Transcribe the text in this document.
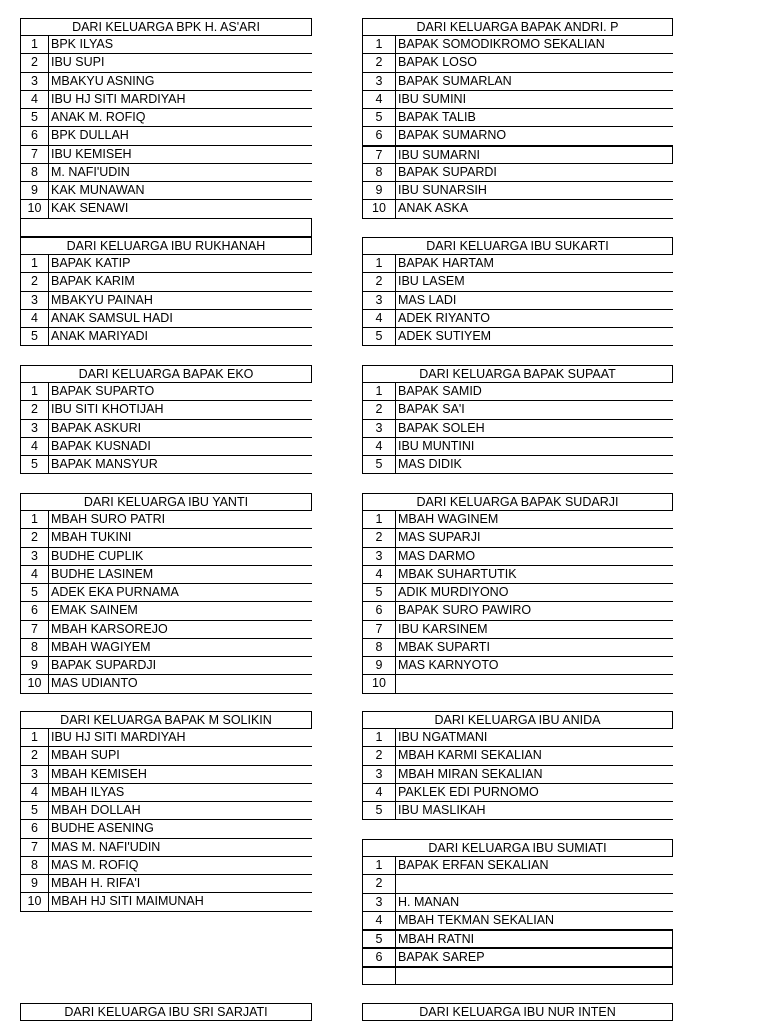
DARI KELUARGA BPK H. AS'ARI
1	BPK ILYAS
2	IBU SUPI
3	MBAKYU ASNING
4	IBU HJ SITI MARDIYAH
5	ANAK M. ROFIQ
6	BPK DULLAH
7	IBU KEMISEH
8	M. NAFI'UDIN
9	KAK MUNAWAN
10 KAK SENAWI
DARI KELUARGA BAPAK ANDRI. P
1	BAPAK SOMODIKROMO SEKALIAN
2	BAPAK LOSO
3	BAPAK SUMARLAN
4	IBU SUMINI
5	BAPAK TALIB
6	BAPAK SUMARNO
7	IBU SUMARNI
8	BAPAK SUPARDI
9	IBU SUNARSIH
10 ANAK ASKA
DARI KELUARGA IBU RUKHANAH
1	BAPAK KATIP
2	BAPAK KARIM
3	MBAKYU PAINAH
4	ANAK SAMSUL HADI
5	ANAK MARIYADI
DARI KELUARGA IBU SUKARTI
1	BAPAK HARTAM
2	IBU LASEM
3	MAS LADI
4	ADEK RIYANTO
5	ADEK SUTIYEM
DARI KELUARGA BAPAK EKO
1	BAPAK SUPARTO
2	IBU SITI KHOTIJAH
3	BAPAK ASKURI
4	BAPAK KUSNADI
5	BAPAK MANSYUR
DARI KELUARGA BAPAK SUPAAT
1	BAPAK SAMID
2	BAPAK SA'I
3	BAPAK SOLEH
4	IBU MUNTINI
5	MAS DIDIK
DARI KELUARGA IBU YANTI
1	MBAH SURO PATRI
2	MBAH TUKINI
3	BUDHE CUPLIK
4	BUDHE LASINEM
5	ADEK EKA PURNAMA
6	EMAK SAINEM
7	MBAH KARSOREJO
8	MBAH WAGIYEM
9	BAPAK SUPARDJI
10 MAS UDIANTO
DARI KELUARGA BAPAK SUDARJI
1	MBAH WAGINEM
2	MAS SUPARJI
3	MAS DARMO
4	MBAK SUHARTUTIK
5	ADIK MURDIYONO
6	BAPAK SURO PAWIRO
7	IBU KARSINEM
8	MBAK SUPARTI
9	MAS KARNYOTO
10
DARI KELUARGA BAPAK M SOLIKIN
1	IBU HJ SITI MARDIYAH
2	MBAH SUPI
3	MBAH KEMISEH
4	MBAH ILYAS
5	MBAH DOLLAH
6	BUDHE ASENING
7	MAS M. NAFI'UDIN
8	MAS M. ROFIQ
9	MBAH H. RIFA'I
10 MBAH HJ SITI MAIMUNAH
DARI KELUARGA IBU ANIDA
1	IBU NGATMANI
2	MBAH KARMI SEKALIAN
3	MBAH MIRAN SEKALIAN
4	PAKLEK EDI PURNOMO
5	IBU MASLIKAH
DARI KELUARGA IBU SUMIATI
1	BAPAK ERFAN SEKALIAN
2
3	H. MANAN
4	MBAH TEKMAN SEKALIAN
5	MBAH RATNI
6	BAPAK SAREP
DARI KELUARGA IBU SRI SARJATI	DARI KELUARGA IBU NUR INTEN
